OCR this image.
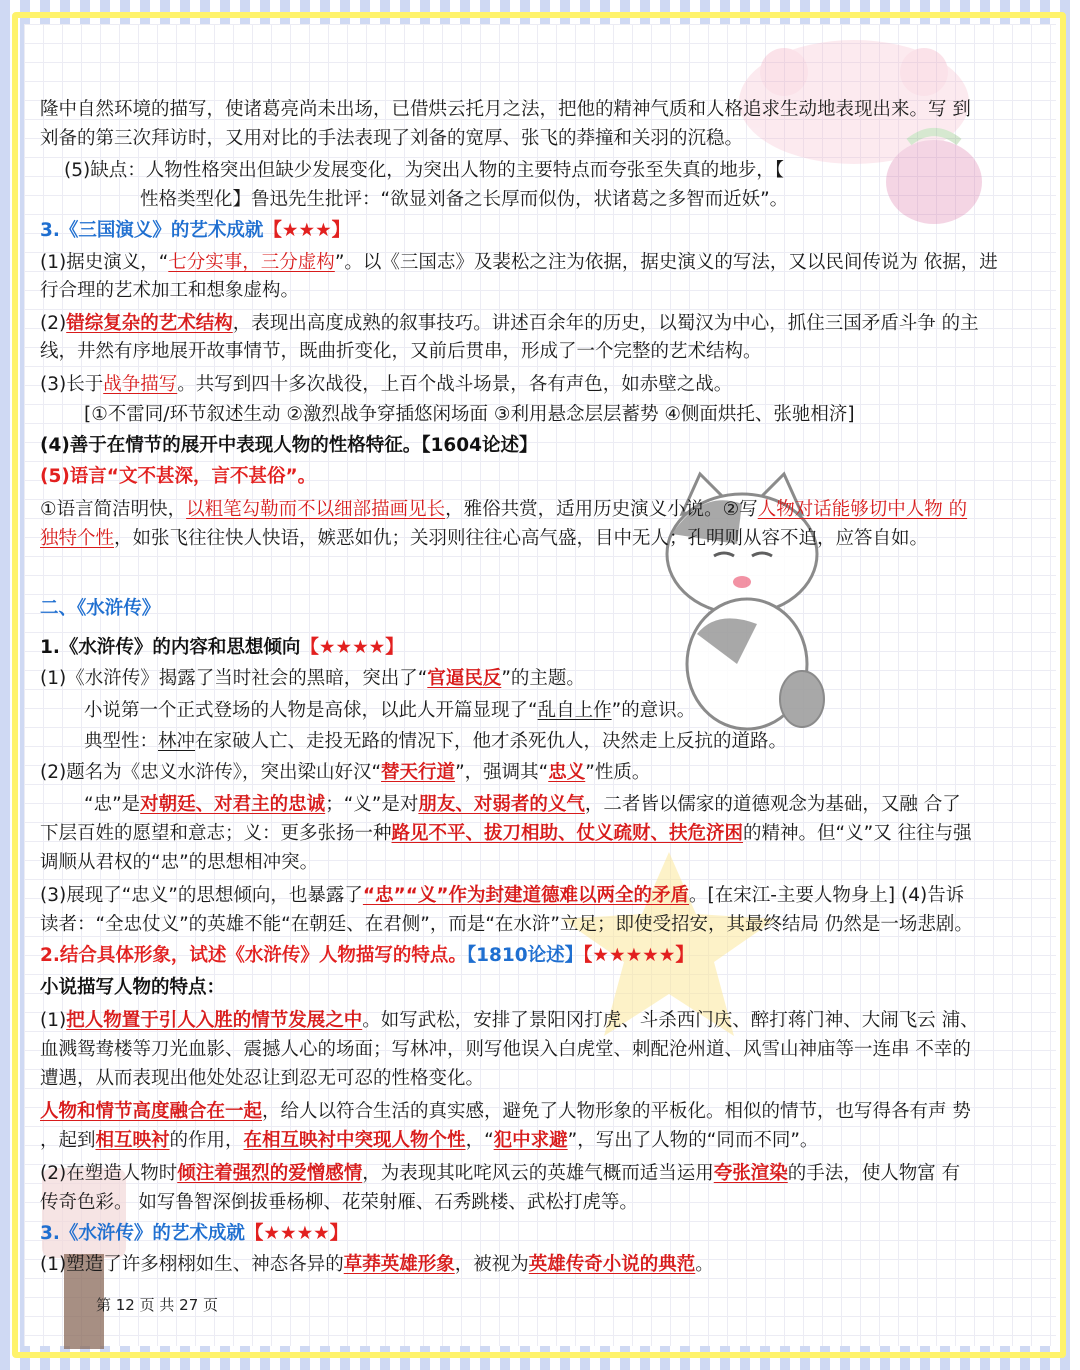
隆中自然环境的描写，使诸葛亮尚未出场，已借烘云托月之法，把他的精神气质和人格追求生动地表现出来。写 到
刘备的第三次拜访时，又用对比的手法表现了刘备的宽厚、张飞的莽撞和关羽的沉稳。
(5)缺点：人物性格突出但缺少发展变化，为突出人物的主要特点而夸张至失真的地步，【
性格类型化】鲁迅先生批评：“欲显刘备之长厚而似伪，状诸葛之多智而近妖”。
3.《三国演义》的艺术成就【★★★】
(1)据史演义，“七分实事，三分虚构”。以《三国志》及裴松之注为依据，据史演义的写法，又以民间传说为 依据，进
行合理的艺术加工和想象虚构。
(2)错综复杂的艺术结构，表现出高度成熟的叙事技巧。讲述百余年的历史，以蜀汉为中心，抓住三国矛盾斗争 的主
线，井然有序地展开故事情节，既曲折变化，又前后贯串，形成了一个完整的艺术结构。
(3)长于战争描写。共写到四十多次战役，上百个战斗场景，各有声色，如赤壁之战。
[①不雷同/环节叙述生动 ②激烈战争穿插悠闲场面 ③利用悬念层层蓄势 ④侧面烘托、张驰相济]
(4)善于在情节的展开中表现人物的性格特征。【1604论述】
(5)语言“文不甚深，言不甚俗”。
①语言简洁明快，以粗笔勾勒而不以细部描画见长，雅俗共赏，适用历史演义小说。②写人物对话能够切中人物 的
独特个性，如张飞往往快人快语，嫉恶如仇；关羽则往往心高气盛，目中无人；孔明则从容不迫，应答自如。
二、《水浒传》
1.《水浒传》的内容和思想倾向【★★★★】
(1)《水浒传》揭露了当时社会的黑暗，突出了“官逼民反”的主题。
小说第一个正式登场的人物是高俅，以此人开篇显现了“乱自上作”的意识。
典型性：林冲在家破人亡、走投无路的情况下，他才杀死仇人，决然走上反抗的道路。
(2)题名为《忠义水浒传》，突出梁山好汉“替天行道”，强调其“忠义”性质。
“忠”是对朝廷、对君主的忠诚；“义”是对朋友、对弱者的义气，二者皆以儒家的道德观念为基础，又融 合了
下层百姓的愿望和意志；义：更多张扬一种路见不平、拔刀相助、仗义疏财、扶危济困的精神。但“义”又 往往与强
调顺从君权的“忠”的思想相冲突。
(3)展现了“忠义”的思想倾向，也暴露了“忠”“义”作为封建道德难以两全的矛盾。[在宋江-主要人物身上] (4)告诉
读者：“全忠仗义”的英雄不能“在朝廷、在君侧”，而是“在水浒”立足；即使受招安，其最终结局 仍然是一场悲剧。
2.结合具体形象，试述《水浒传》人物描写的特点。【1810论述】【★★★★★】
小说描写人物的特点：
(1)把人物置于引人入胜的情节发展之中。如写武松，安排了景阳冈打虎、斗杀西门庆、醉打蒋门神、大闹飞云 浦、
血溅鸳鸯楼等刀光血影、震撼人心的场面；写林冲，则写他误入白虎堂、刺配沧州道、风雪山神庙等一连串 不幸的
遭遇，从而表现出他处处忍让到忍无可忍的性格变化。
人物和情节高度融合在一起，给人以符合生活的真实感，避免了人物形象的平板化。相似的情节，也写得各有声 势
，起到相互映衬的作用，在相互映衬中突现人物个性，“犯中求避”，写出了人物的“同而不同”。
(2)在塑造人物时倾注着强烈的爱憎感情，为表现其叱咤风云的英雄气概而适当运用夸张渲染的手法，使人物富 有
传奇色彩。 如写鲁智深倒拔垂杨柳、花荣射雁、石秀跳楼、武松打虎等。
3.《水浒传》的艺术成就【★★★★】
(1)塑造了许多栩栩如生、神态各异的草莽英雄形象，被视为英雄传奇小说的典范。
第 12 页 共 27 页
